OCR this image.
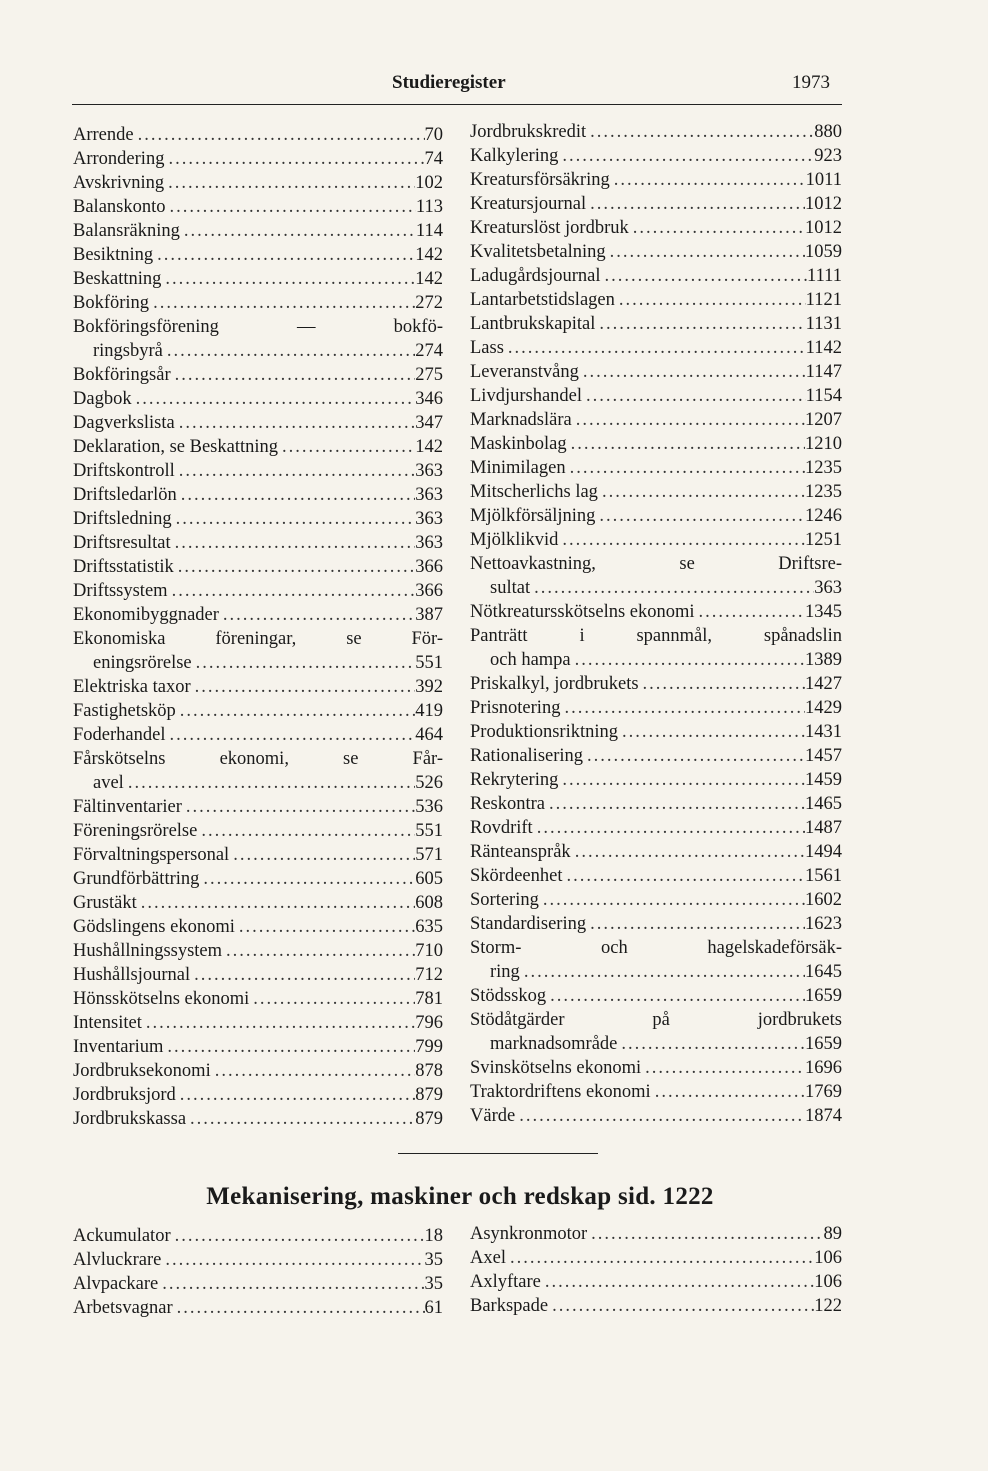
Studieregister	1973
Arrende .....	70
Arrondering .....	74
Avskrivning .....	102
Balanskonto .....	113
Balansräkning .....	114
Besiktning .....	142
Beskattning .....	142
Bokföring .....	272
Bokföringsförening	—	bokfö-
ringsbyrå .....	274
Bokföringsår .....	275
Dagbok .....	346
Dagverkslista .....	347
Deklaration, se Beskattning .....	142
Driftskontroll .....	363
Driftsledarlön .....	363
Driftsledning .....	363
Driftsresultat .....	363
Driftsstatistik .....	366
Driftssystem .....	366
Ekonomibyggnader .....	387
Ekonomiska	föreningar,	se	För-
eningsrörelse .....	551
Elektriska taxor .....	392
Fastighetsköp .....	419
Foderhandel .....	464
Fårskötselns	ekonomi,	se	Får-
avel .....	526
Fältinventarier .....	536
Föreningsrörelse .....	551
Förvaltningspersonal .....	571
Grundförbättring .....	605
Grustäkt .....	608
Gödslingens ekonomi .....	635
Hushållningssystem .....	710
Hushållsjournal .....	712
Hönsskötselns ekonomi .....	781
Intensitet .....	796
Inventarium .....	799
Jordbruksekonomi .....	878
Jordbruksjord .....	879
Jordbrukskassa .....	879
Jordbrukskredit .....	880
Kalkylering .....	923
Kreatursförsäkring .....	1011
Kreatursjournal .....	1012
Kreaturslöst jordbruk .....	1012
Kvalitetsbetalning .....	1059
Ladugårdsjournal .....	1111
Lantarbetstidslagen .....	1121
Lantbrukskapital .....	1131
Lass .....	1142
Leveranstvång .....	1147
Livdjurshandel .....	1154
Marknadslära .....	1207
Maskinbolag .....	1210
Minimilagen .....	1235
Mitscherlichs lag .....	1235
Mjölkförsäljning .....	1246
Mjölklikvid .....	1251
Nettoavkastning,	se	Driftsre-
sultat .....	363
Nötkreatursskötselns ekonomi .....	1345
Panträtt	i	spannmål,	spånadslin
och hampa .....	1389
Priskalkyl, jordbrukets .....	1427
Prisnotering .....	1429
Produktionsriktning .....	1431
Rationalisering .....	1457
Rekrytering .....	1459
Reskontra .....	1465
Rovdrift .....	1487
Ränteanspråk .....	1494
Skördeenhet .....	1561
Sortering .....	1602
Standardisering .....	1623
Storm-	och	hagelskadeförsäk-
ring .....	1645
Stödsskog .....	1659
Stödåtgärder	på	jordbrukets
marknadsområde .....	1659
Svinskötselns ekonomi .....	1696
Traktordriftens ekonomi .....	1769
Värde .....	1874
Mekanisering, maskiner och redskap sid. 1222
Ackumulator .....	18
Alvluckrare .....	35
Alvpackare .....	35
Arbetsvagnar .....	61
Asynkronmotor .....	89
Axel .....	106
Axlyftare .....	106
Barkspade .....	122
